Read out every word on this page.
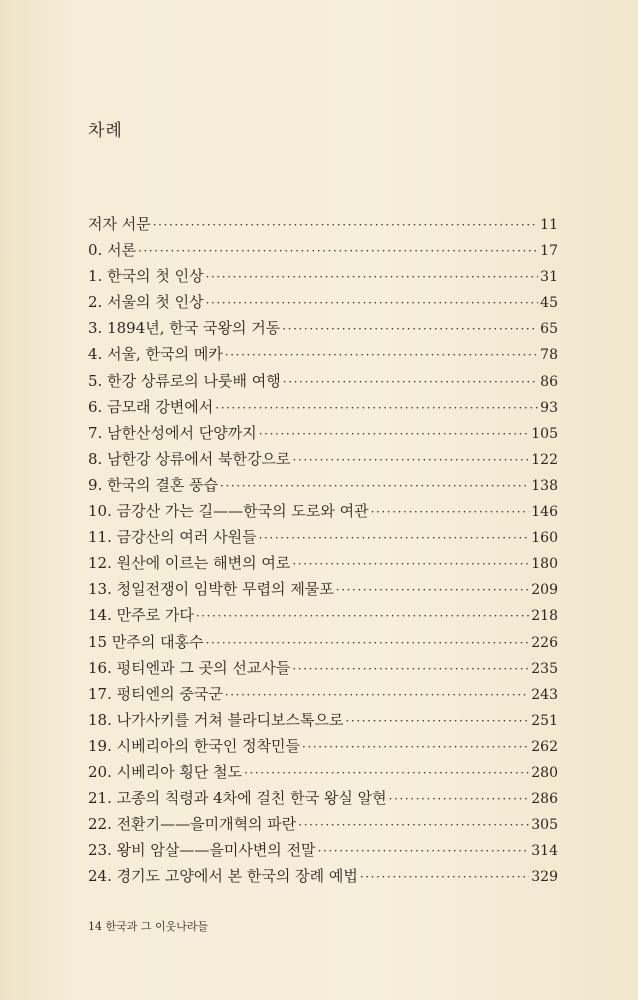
차례
저자 서문 ·····	11
0. 서론 ·····	17
1. 한국의 첫 인상 ·····	31
2. 서울의 첫 인상 ·····	45
3. 1894년, 한국 국왕의 거동 ·····	65
4. 서울, 한국의 메카 ·····	78
5. 한강 상류로의 나룻배 여행 ·····	86
6. 금모래 강변에서 ·····	93
7. 남한산성에서 단양까지 ·····	105
8. 남한강 상류에서 북한강으로 ·····	122
9. 한국의 결혼 풍습 ·····	138
10. 금강산 가는 길——한국의 도로와 여관 ·····	146
11. 금강산의 여러 사원들 ·····	160
12. 원산에 이르는 해변의 여로 ·····	180
13. 청일전쟁이 임박한 무렵의 제물포 ·····	209
14. 만주로 가다 ·····	218
15 만주의 대홍수 ·····	226
16. 펑티엔과 그 곳의 선교사들 ·····	235
17. 펑티엔의 중국군 ·····	243
18. 나가사키를 거쳐 블라디보스톡으로 ·····	251
19. 시베리아의 한국인 정착민들 ·····	262
20. 시베리아 횡단 철도 ·····	280
21. 고종의 칙령과 4차에 걸친 한국 왕실 알현 ·····	286
22. 전환기——을미개혁의 파란 ·····	305
23. 왕비 암살——을미사변의 전말 ·····	314
24. 경기도 고양에서 본 한국의 장례 예법 ·····	329
14 한국과 그 이웃나라들
